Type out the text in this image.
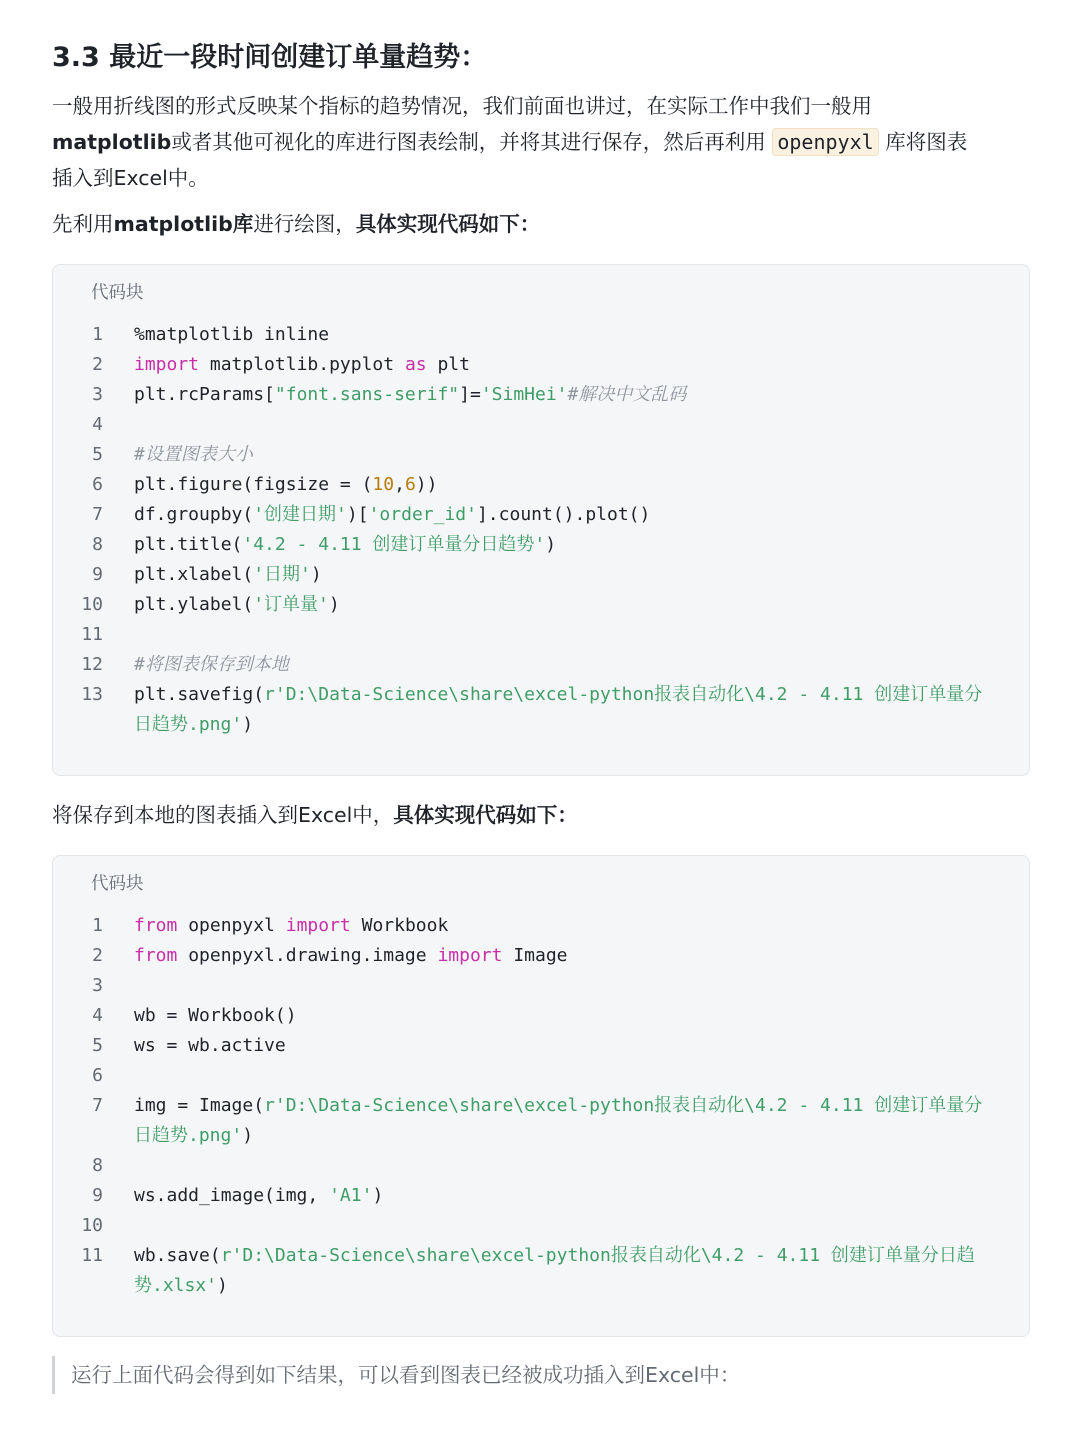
3.3 最近一段时间创建订单量趋势：

一般用折线图的形式反映某个指标的趋势情况，我们前面也讲过，在实际工作中我们一般用
matplotlib或者其他可视化的库进行图表绘制，并将其进行保存，然后再利用 openpyxl 库将图表
插入到Excel中。

先利用matplotlib库进行绘图，具体实现代码如下：

代码块
1 %matplotlib inline
2 import matplotlib.pyplot as plt
3 plt.rcParams["font.sans-serif"]='SimHei'#解决中文乱码
4
5 #设置图表大小
6 plt.figure(figsize = (10,6))
7 df.groupby('创建日期')['order_id'].count().plot()
8 plt.title('4.2 - 4.11 创建订单量分日趋势')
9 plt.xlabel('日期')
10 plt.ylabel('订单量')
11
12 #将图表保存到本地
13 plt.savefig(r'D:\Data-Science\share\excel-python报表自动化\4.2 - 4.11 创建订单量分
日趋势.png')

将保存到本地的图表插入到Excel中，具体实现代码如下：

代码块
1 from openpyxl import Workbook
2 from openpyxl.drawing.image import Image
3
4 wb = Workbook()
5 ws = wb.active
6
7 img = Image(r'D:\Data-Science\share\excel-python报表自动化\4.2 - 4.11 创建订单量分
日趋势.png')
8
9 ws.add_image(img, 'A1')
10
11 wb.save(r'D:\Data-Science\share\excel-python报表自动化\4.2 - 4.11 创建订单量分日趋
势.xlsx')
运行上面代码会得到如下结果，可以看到图表已经被成功插入到Excel中：
